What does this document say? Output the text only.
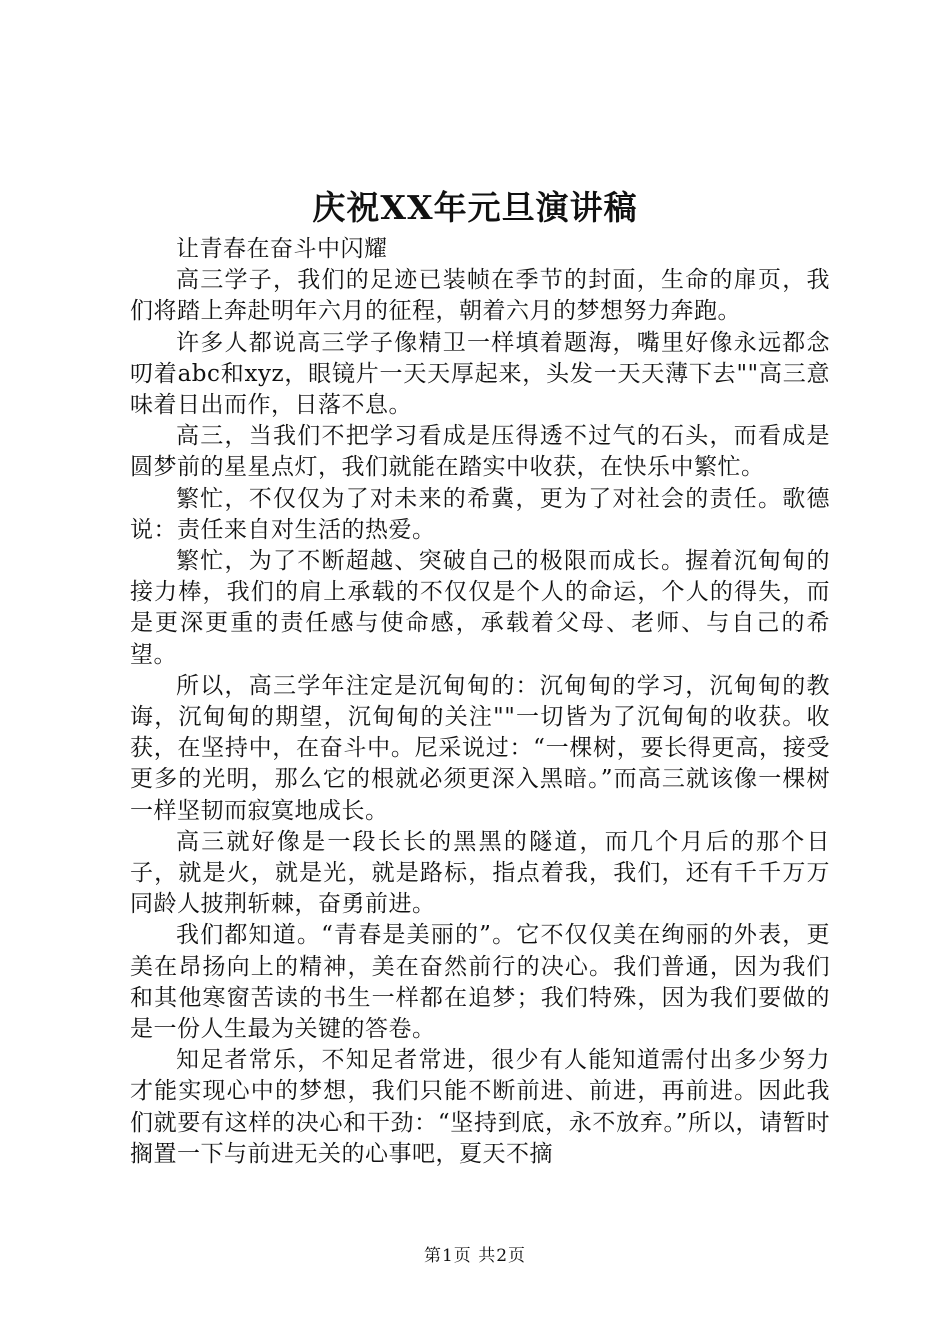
庆祝XX年元旦演讲稿

让青春在奋斗中闪耀

高三学子，我们的足迹已装帧在季节的封面，生命的扉页，我们将踏上奔赴明年六月的征程，朝着六月的梦想努力奔跑。

许多人都说高三学子像精卫一样填着题海，嘴里好像永远都念叨着abc和xyz，眼镜片一天天厚起来，头发一天天薄下去""高三意味着日出而作，日落不息。

高三，当我们不把学习看成是压得透不过气的石头，而看成是圆梦前的星星点灯，我们就能在踏实中收获，在快乐中繁忙。

繁忙，不仅仅为了对未来的希冀，更为了对社会的责任。歌德说：责任来自对生活的热爱。

繁忙，为了不断超越、突破自己的极限而成长。握着沉甸甸的接力棒，我们的肩上承载的不仅仅是个人的命运，个人的得失，而是更深更重的责任感与使命感，承载着父母、老师、与自己的希望。

所以，高三学年注定是沉甸甸的：沉甸甸的学习，沉甸甸的教诲，沉甸甸的期望，沉甸甸的关注""一切皆为了沉甸甸的收获。收获，在坚持中，在奋斗中。尼采说过：“一棵树，要长得更高，接受更多的光明，那么它的根就必须更深入黑暗。”而高三就该像一棵树一样坚韧而寂寞地成长。

高三就好像是一段长长的黑黑的隧道，而几个月后的那个日子，就是火，就是光，就是路标，指点着我，我们，还有千千万万同龄人披荆斩棘，奋勇前进。

我们都知道。“青春是美丽的”。它不仅仅美在绚丽的外表，更美在昂扬向上的精神，美在奋然前行的决心。我们普通，因为我们和其他寒窗苦读的书生一样都在追梦；我们特殊，因为我们要做的是一份人生最为关键的答卷。

知足者常乐，不知足者常进，很少有人能知道需付出多少努力才能实现心中的梦想，我们只能不断前进、前进，再前进。因此我们就要有这样的决心和干劲：“坚持到底，永不放弃。”所以，请暂时搁置一下与前进无关的心事吧，夏天不摘

第1页 共2页
